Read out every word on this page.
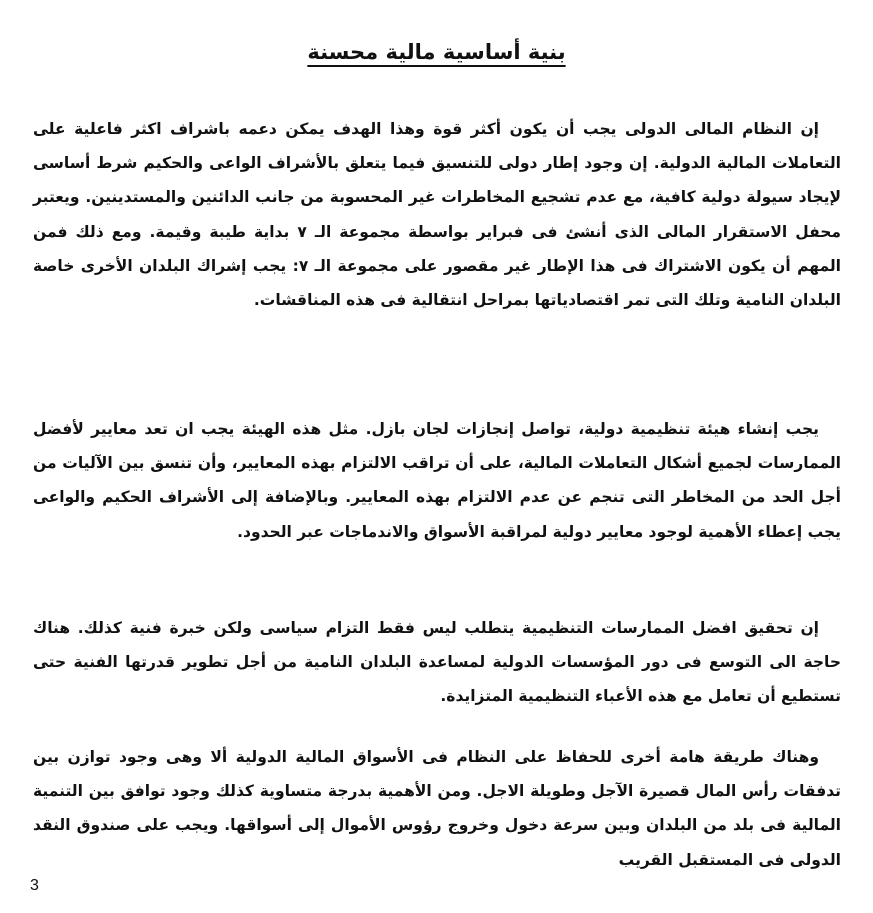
بنية أساسية مالية محسنة

إن النظام المالى الدولى يجب أن يكون أكثر قوة وهذا الهدف يمكن دعمه باشراف اكثر فاعلية على التعاملات المالية الدولية. إن وجود إطار دولى للتنسيق فيما يتعلق بالأشراف الواعى والحكيم شرط أساسى لإيجاد سيولة دولية كافية، مع عدم تشجيع المخاطرات غير المحسوبة من جانب الدائنين والمستدينين. ويعتبر محفل الاستقرار المالى الذى أنشئ فى فبراير بواسطة مجموعة الـ ٧ بداية طيبة وقيمة. ومع ذلك فمن المهم أن يكون الاشتراك فى هذا الإطار غير مقصور على مجموعة الـ ٧: يجب إشراك البلدان الأخرى خاصة البلدان النامية وتلك التى تمر اقتصادياتها بمراحل انتقالية فى هذه المناقشات.

يجب إنشاء هيئة تنظيمية دولية، تواصل إنجازات لجان بازل. مثل هذه الهيئة يجب ان تعد معايير لأفضل الممارسات لجميع أشكال التعاملات المالية، على أن تراقب الالتزام بهذه المعايير، وأن تنسق بين الآليات من أجل الحد من المخاطر التى تنجم عن عدم الالتزام بهذه المعايير. وبالإضافة إلى الأشراف الحكيم والواعى يجب إعطاء الأهمية لوجود معايير دولية لمراقبة الأسواق والاندماجات عبر الحدود.

إن تحقيق افضل الممارسات التنظيمية يتطلب ليس فقط التزام سياسى ولكن خبرة فنية كذلك. هناك حاجة الى التوسع فى دور المؤسسات الدولية لمساعدة البلدان النامية من أجل تطوير قدرتها الفنية حتى تستطيع أن تعامل مع هذه الأعباء التنظيمية المتزايدة.

وهناك طريقة هامة أخرى للحفاظ على النظام فى الأسواق المالية الدولية ألا وهى وجود توازن بين تدفقات رأس المال قصيرة الآجل وطويلة الاجل. ومن الأهمية بدرجة متساوية كذلك وجود توافق بين التنمية المالية فى بلد من البلدان وبين سرعة دخول وخروج رؤوس الأموال إلى أسواقها. ويجب على صندوق النقد الدولى فى المستقبل القريب

3
